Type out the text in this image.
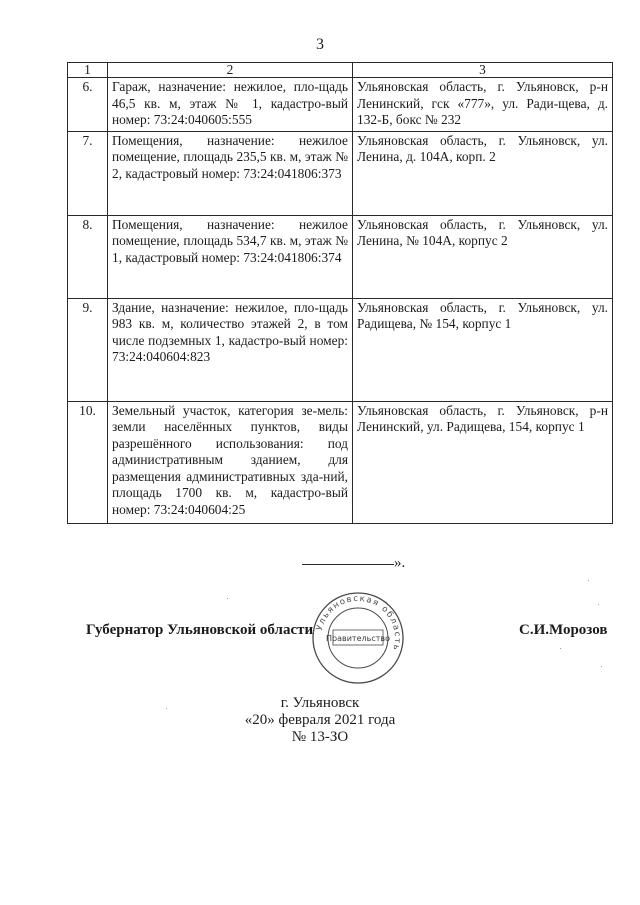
3
1	2	3
6.	Гараж, назначение: нежилое, пло-щадь 46,5 кв. м, этаж № 1, кадастро-вый номер: 73:24:040605:555	Ульяновская область, г. Ульяновск, р-н Ленинский, гск «777», ул. Ради-щева, д. 132-Б, бокс № 232
7.	Помещения, назначение: нежилое помещение, площадь 235,5 кв. м, этаж № 2, кадастровый номер: 73:24:041806:373	Ульяновская область, г. Ульяновск, ул. Ленина, д. 104А, корп. 2
8.	Помещения, назначение: нежилое помещение, площадь 534,7 кв. м, этаж № 1, кадастровый номер: 73:24:041806:374	Ульяновская область, г. Ульяновск, ул. Ленина, № 104А, корпус 2
9.	Здание, назначение: нежилое, пло-щадь 983 кв. м, количество этажей 2, в том числе подземных 1, кадастро-вый номер: 73:24:040604:823	Ульяновская область, г. Ульяновск, ул. Радищева, № 154, корпус 1
10.	Земельный участок, категория зе-мель: земли населённых пунктов, виды разрешённого использования: под административным зданием, для размещения административных зда-ний, площадь 1700 кв. м, кадастро-вый номер: 73:24:040604:25	Ульяновская область, г. Ульяновск, р-н Ленинский, ул. Радищева, 154, корпус 1
».
Губернатор Ульяновской области Ульяновская область
Правительство
С.И.Морозов
г. Ульяновск
«20» февраля 2021 года
№ 13-ЗО
